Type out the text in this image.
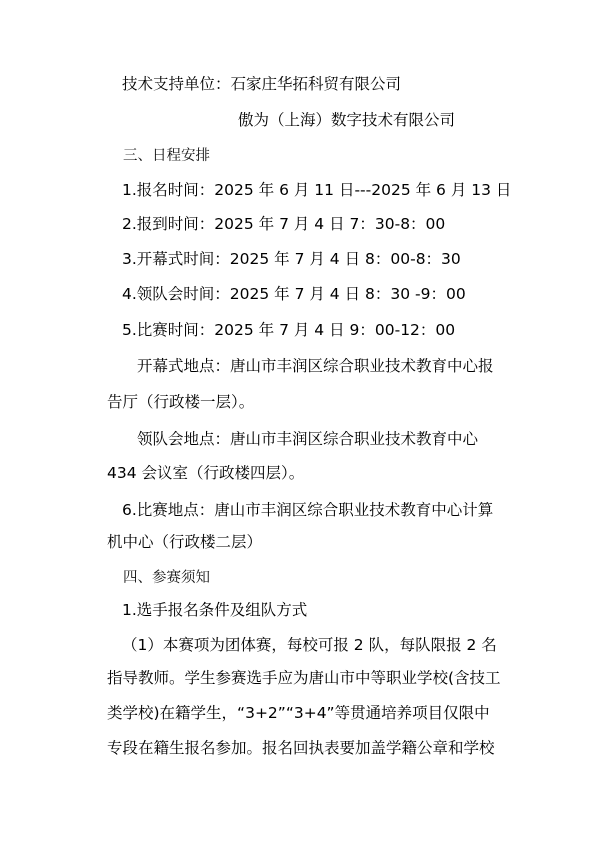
技术支持单位：石家庄华拓科贸有限公司
傲为（上海）数字技术有限公司
三、日程安排
1.报名时间：2025 年 6 月 11 日---2025 年 6 月 13 日
2.报到时间：2025 年 7 月 4 日 7：30-8：00
3.开幕式时间：2025 年 7 月 4 日 8：00-8：30
4.领队会时间：2025 年 7 月 4 日 8：30 -9：00
5.比赛时间：2025 年 7 月 4 日 9：00-12：00
开幕式地点：唐山市丰润区综合职业技术教育中心报
告厅（行政楼一层）。
领队会地点：唐山市丰润区综合职业技术教育中心
434 会议室（行政楼四层）。
6.比赛地点：唐山市丰润区综合职业技术教育中心计算
机中心（行政楼二层）
四、参赛须知
1.选手报名条件及组队方式
（1）本赛项为团体赛，每校可报 2 队，每队限报 2 名
指导教师。学生参赛选手应为唐山市中等职业学校(含技工
类学校)在籍学生，“3+2”“3+4”等贯通培养项目仅限中
专段在籍生报名参加。报名回执表要加盖学籍公章和学校
